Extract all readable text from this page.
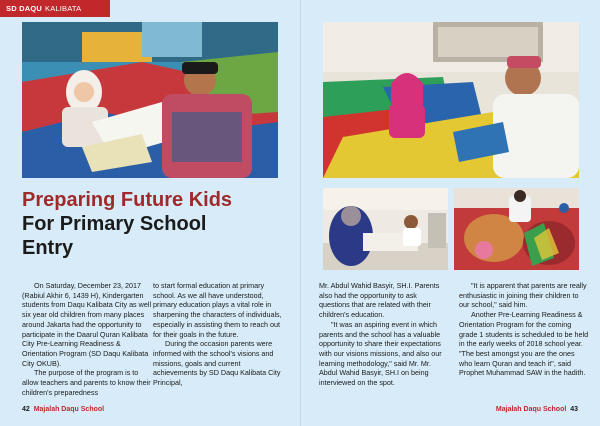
SD DAQU KALIBATA
Preparing Future Kids
For Primary School
Entry

On Saturday, December 23, 2017 (Rabiul Akhir 6, 1439 H), Kindergarten students from Daqu Kalibata City as well six year old children from many places around Jakarta had the opportunity to participate in the Daarul Quran Kalibata City Pre-Learning Readiness & Orientation Program (SD Daqu Kalibata City OKUB).

The purpose of the program is to allow teachers and parents to know their children's preparedness

to start formal education at primary school. As we all have understood, primary education plays a vital role in sharpening the characters of individuals, especially in assisting them to reach out for their goals in the future.

During the occasion parents were informed with the school's visions and missions, goals and current achievements by SD Daqu Kalibata City Principal,

42 Majalah Daqu School

Mr. Abdul Wahid Basyir, SH.I. Parents also had the opportunity to ask questions that are related with their children's education.

"It was an aspiring event in which parents and the school has a valuable opportunity to share their expectations with our visions missions, and also our learning methodology," said Mr. Mr. Abdul Wahid Basyir, SH.I on being interviewed on the spot.

"It is apparent that parents are really enthusiastic in joining their children to our school," said him.

Another Pre-Learning Readiness & Orientation Program for the coming grade 1 students is scheduled to be held in the early weeks of 2018 school year. "The best amongst you are the ones who learn Quran and teach it", said Prophet Muhammad SAW in the hadith.

Majalah Daqu School 43
